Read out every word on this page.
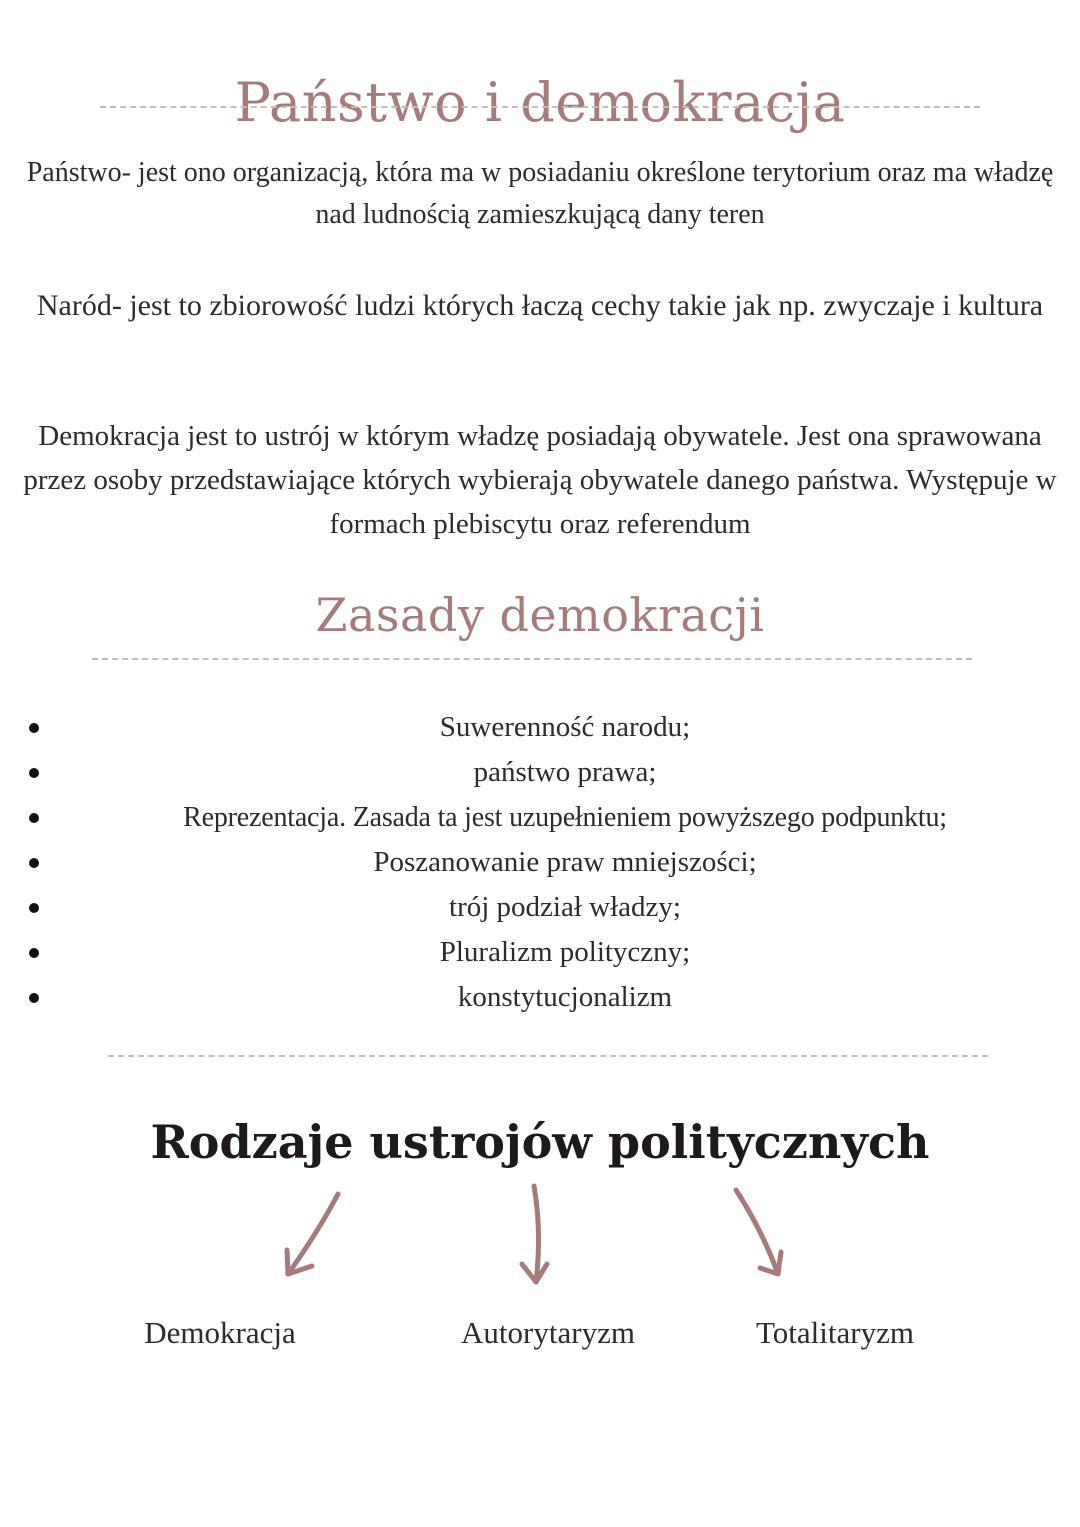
Państwo i demokracja

Państwo- jest ono organizacją, która ma w posiadaniu określone terytorium oraz ma władzę nad ludnością zamieszkującą dany teren

Naród- jest to zbiorowość ludzi których łaczą cechy takie jak np. zwyczaje i kultura

Demokracja jest to ustrój w którym władzę posiadają obywatele. Jest ona sprawowana przez osoby przedstawiające których wybierają obywatele danego państwa. Występuje w formach plebiscytu oraz referendum

Zasady demokracji
Suwerenność narodu;
państwo prawa;
Reprezentacja. Zasada ta jest uzupełnieniem powyższego podpunktu;
Poszanowanie praw mniejszości;
trój podział władzy;
Pluralizm polityczny;
konstytucjonalizm
Rodzaje ustrojów politycznych
Demokracja	Autorytaryzm	Totalitaryzm
